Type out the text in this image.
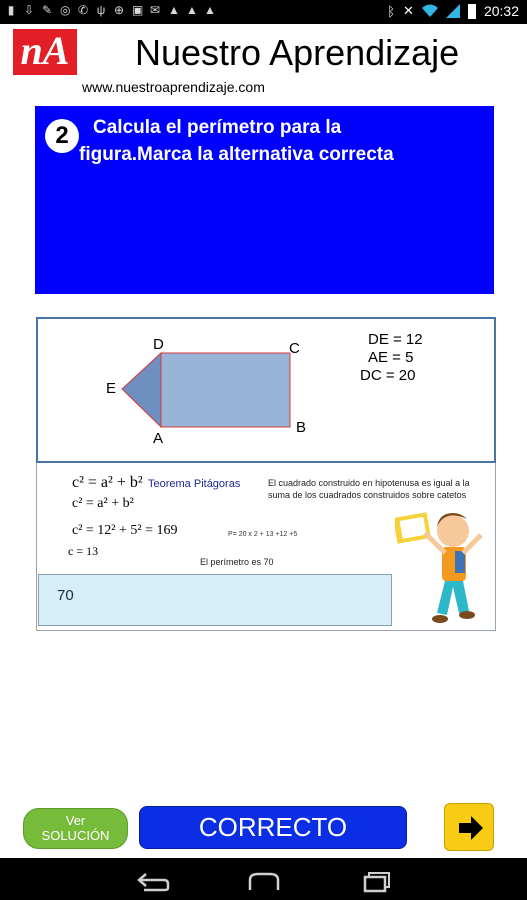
▮ ⇩ ✎ ◎ ✆ ψ ⊕ ▣ ✉ ▲ ▲ ▲	ᛒ ✕	20:32
nA Nuestro Aprendizaje
www.nuestroaprendizaje.com
2	Calcula el perímetro para la
figura.Marca la alternativa correcta
D	C
E
A
B
DE = 12
AE = 5
DC = 20
c² = a² + b²
c² = a² + b²
c² = 12² + 5² = 169
c = 13
Teorema Pitágoras	El cuadrado construido en hipotenusa es igual a la suma de los cuadrados construidos sobre catetos
P= 20 x 2 + 13 +12 +5
El perímetro es 70
70
Ver
SOLUCIÓN	CORRECTO
